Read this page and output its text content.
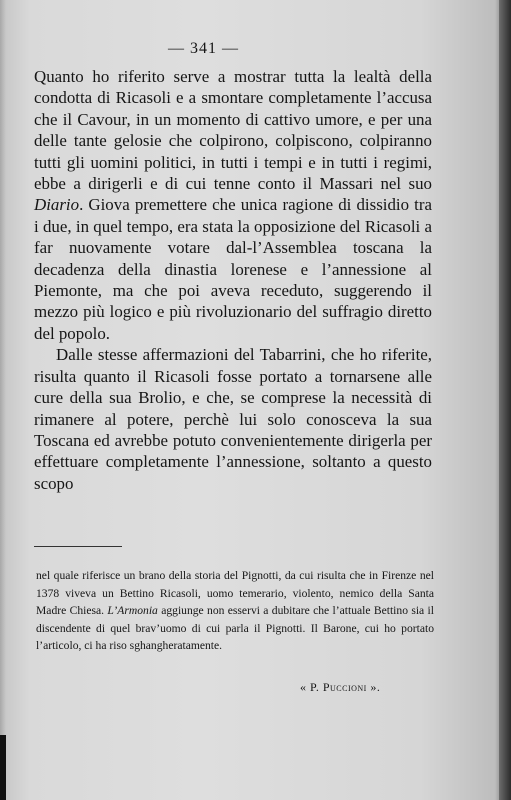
— 341 —

Quanto ho riferito serve a mostrar tutta la lealtà della condotta di Ricasoli e a smontare completamente l’accusa che il Cavour, in un momento di cattivo umore, e per una delle tante gelosie che colpirono, colpiscono, colpiranno tutti gli uomini politici, in tutti i tempi e in tutti i regimi, ebbe a dirigerli e di cui tenne conto il Massari nel suo Diario. Giova premettere che unica ragione di dissidio tra i due, in quel tempo, era stata la opposizione del Ricasoli a far nuovamente votare dal-l’Assemblea toscana la decadenza della dinastia lorenese e l’annessione al Piemonte, ma che poi aveva receduto, suggerendo il mezzo più logico e più rivoluzionario del suffragio diretto del popolo.

Dalle stesse affermazioni del Tabarrini, che ho riferite, risulta quanto il Ricasoli fosse portato a tornarsene alle cure della sua Brolio, e che, se comprese la necessità di rimanere al potere, perchè lui solo conosceva la sua Toscana ed avrebbe potuto convenientemente dirigerla per effettuare completamente l’annessione, soltanto a questo scopo

nel quale riferisce un brano della storia del Pignotti, da cui risulta che in Firenze nel 1378 viveva un Bettino Ricasoli, uomo temerario, violento, nemico della Santa Madre Chiesa. L’Armonia aggiunge non esservi a dubitare che l’attuale Bettino sia il discendente di quel brav’uomo di cui parla il Pignotti. Il Barone, cui ho portato l’articolo, ci ha riso sghangheratamente.

« P. Puccioni ».
